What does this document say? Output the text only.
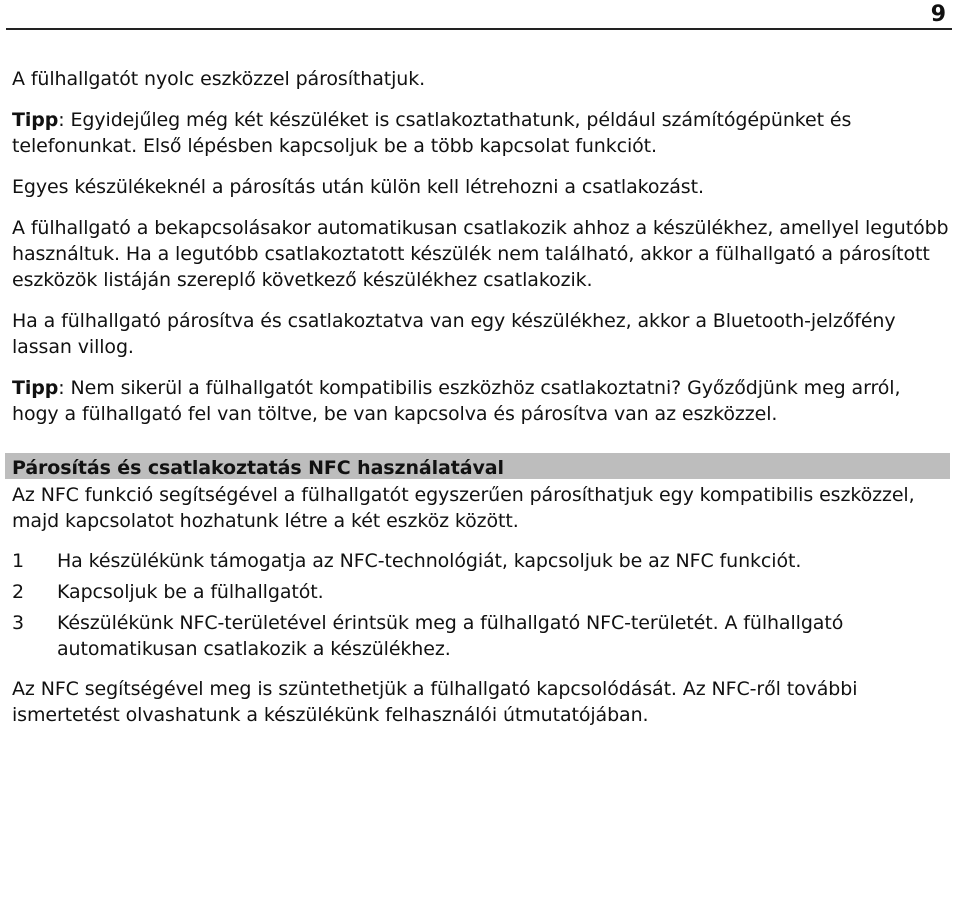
9

A fülhallgatót nyolc eszközzel párosíthatjuk.

Tipp: Egyidejűleg még két készüléket is csatlakoztathatunk, például számítógépünket és telefonunkat. Első lépésben kapcsoljuk be a több kapcsolat funkciót.

Egyes készülékeknél a párosítás után külön kell létrehozni a csatlakozást.

A fülhallgató a bekapcsolásakor automatikusan csatlakozik ahhoz a készülékhez, amellyel legutóbb használtuk. Ha a legutóbb csatlakoztatott készülék nem található, akkor a fülhallgató a párosított eszközök listáján szereplő következő készülékhez csatlakozik.

Ha a fülhallgató párosítva és csatlakoztatva van egy készülékhez, akkor a Bluetooth-jelzőfény lassan villog.

Tipp: Nem sikerül a fülhallgatót kompatibilis eszközhöz csatlakoztatni? Győződjünk meg arról, hogy a fülhallgató fel van töltve, be van kapcsolva és párosítva van az eszközzel.

Párosítás és csatlakoztatás NFC használatával

Az NFC funkció segítségével a fülhallgatót egyszerűen párosíthatjuk egy kompatibilis eszközzel, majd kapcsolatot hozhatunk létre a két eszköz között.

1	Ha készülékünk támogatja az NFC-technológiát, kapcsoljuk be az NFC funkciót.
2	Kapcsoljuk be a fülhallgatót.
3	Készülékünk NFC-területével érintsük meg a fülhallgató NFC-területét. A fülhallgató automatikusan csatlakozik a készülékhez.

Az NFC segítségével meg is szüntethetjük a fülhallgató kapcsolódását. Az NFC-ről további ismertetést olvashatunk a készülékünk felhasználói útmutatójában.
